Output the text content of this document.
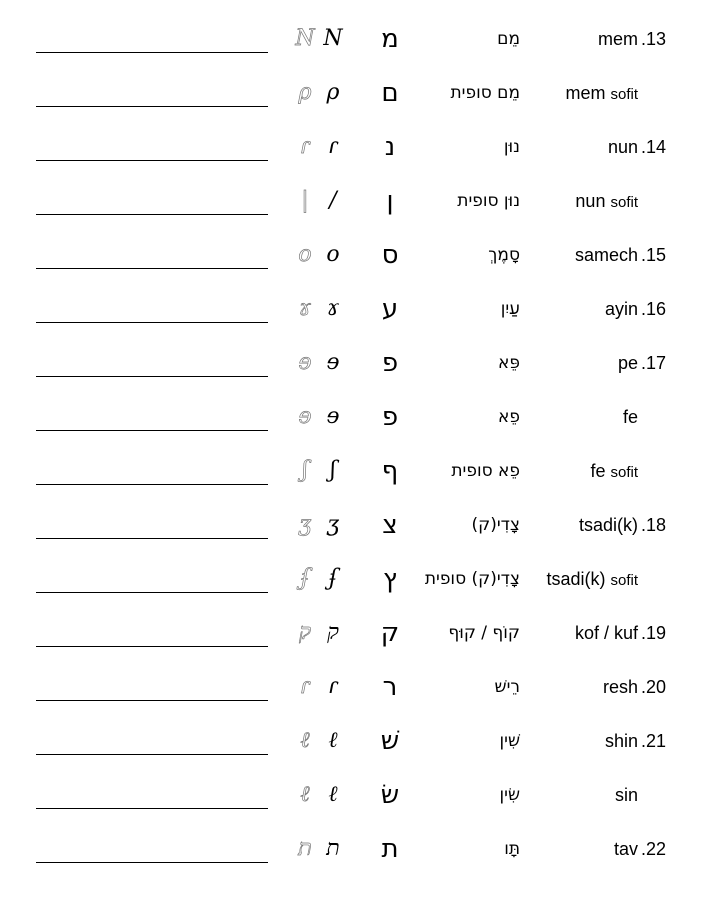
N 𝑁	מ	מֵם	mem .13
ρ ρ	ם	מֵם סופית	mem sofit
ɾ ɾ	נ	נוּן	nun .14
| /	ן	נוּן סופית	nun sofit
o o	ס	סָמֶךְ	samech .15
ɤ ɤ	ע	עַיִן	ayin .16
ɘ ɘ	פ	פֵּא	pe .17
ɘ ɘ	פ	פֵא	fe
ʃ	ʃ	ף	פֵא סופית	fe sofit
ʒ ʒ	צ	צָדִי(ק)	tsadi(k) .18
ʄ ʄ	ץ	צָדִי(ק) סופית	tsadi(k) sofit
ק ק	ק	קוֹף / קוּף	kof / kuf .19
ɾ ɾ	ר	רֵישׁ	resh .20
ℓ ℓ	שׁ	שִׁין	shin .21
ℓ ℓ	שׂ	שִׂין	sin
ת ת	ת	תָּו	tav .22
